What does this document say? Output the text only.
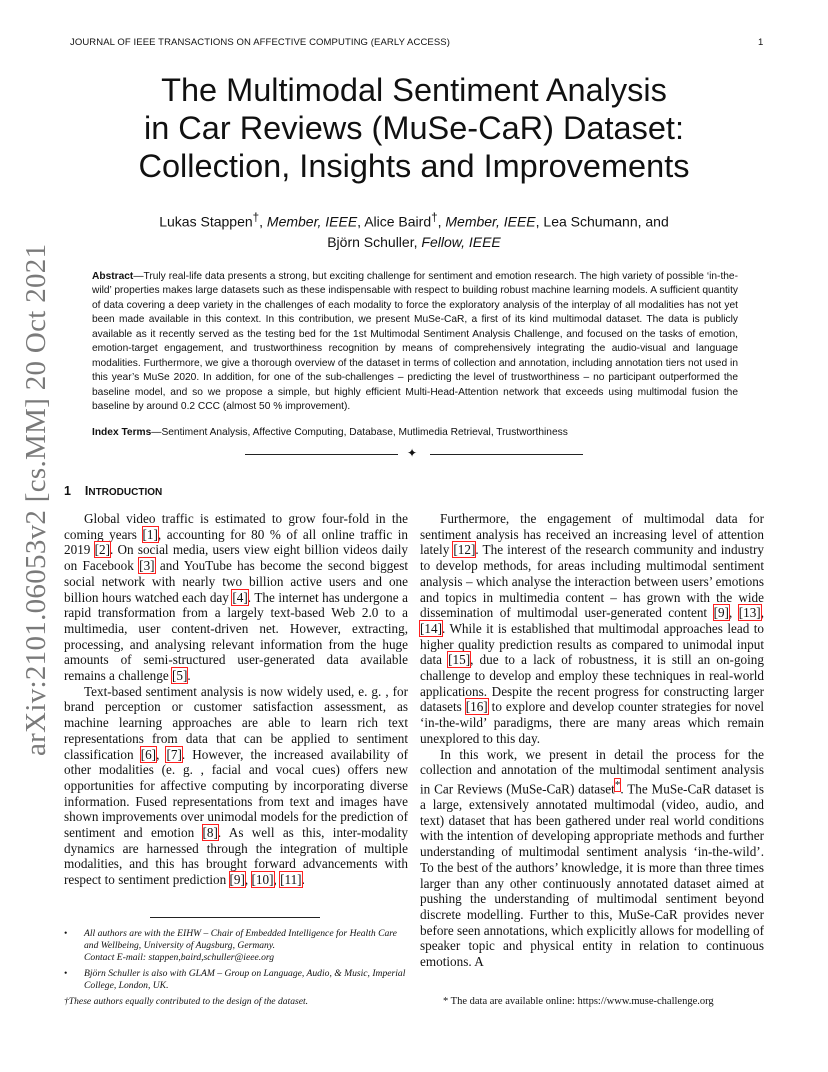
JOURNAL OF IEEE TRANSACTIONS ON AFFECTIVE COMPUTING (EARLY ACCESS)	1
arXiv:2101.06053v2 [cs.MM] 20 Oct 2021
The Multimodal Sentiment Analysis
in Car Reviews (MuSe-CaR) Dataset:
Collection, Insights and Improvements
Lukas Stappen†, Member, IEEE, Alice Baird†, Member, IEEE, Lea Schumann, and
Björn Schuller, Fellow, IEEE
Abstract—Truly real-life data presents a strong, but exciting challenge for sentiment and emotion research. The high variety of possible ‘in-the-wild’ properties makes large datasets such as these indispensable with respect to building robust machine learning models. A sufficient quantity of data covering a deep variety in the challenges of each modality to force the exploratory analysis of the interplay of all modalities has not yet been made available in this context. In this contribution, we present MuSe-CaR, a first of its kind multimodal dataset. The data is publicly available as it recently served as the testing bed for the 1st Multimodal Sentiment Analysis Challenge, and focused on the tasks of emotion, emotion-target engagement, and trustworthiness recognition by means of comprehensively integrating the audio-visual and language modalities. Furthermore, we give a thorough overview of the dataset in terms of collection and annotation, including annotation tiers not used in this year’s MuSe 2020. In addition, for one of the sub-challenges – predicting the level of trustworthiness – no participant outperformed the baseline model, and so we propose a simple, but highly efficient Multi-Head-Attention network that exceeds using multimodal fusion the baseline by around 0.2 CCC (almost 50 % improvement).
Index Terms—Sentiment Analysis, Affective Computing, Database, Mutlimedia Retrieval, Trustworthiness
✦
1 INTRODUCTION

Global video traffic is estimated to grow four-fold in the coming years [1], accounting for 80 % of all online traffic in 2019 [2]. On social media, users view eight billion videos daily on Facebook [3] and YouTube has become the second biggest social network with nearly two billion active users and one billion hours watched each day [4]. The internet has undergone a rapid transformation from a largely text-based Web 2.0 to a multimedia, user content-driven net. However, extracting, processing, and analysing relevant information from the huge amounts of semi-structured user-generated data available remains a challenge [5].

Text-based sentiment analysis is now widely used, e. g. , for brand perception or customer satisfaction assessment, as machine learning approaches are able to learn rich text representations from data that can be applied to sentiment classification [6], [7]. However, the increased availability of other modalities (e. g. , facial and vocal cues) offers new opportunities for affective computing by incorporating diverse information. Fused representations from text and images have shown improvements over unimodal models for the prediction of sentiment and emotion [8]. As well as this, inter-modality dynamics are harnessed through the integration of multiple modalities, and this has brought forward advancements with respect to sentiment prediction [9], [10], [11].

Furthermore, the engagement of multimodal data for sentiment analysis has received an increasing level of attention lately [12]. The interest of the research community and industry to develop methods, for areas including multimodal sentiment analysis – which analyse the interaction between users’ emotions and topics in multimedia content – has grown with the wide dissemination of multimodal user-generated content [9], [13], [14]. While it is established that multimodal approaches lead to higher quality prediction results as compared to unimodal input data [15], due to a lack of robustness, it is still an on-going challenge to develop and employ these techniques in real-world applications. Despite the recent progress for constructing larger datasets [16] to explore and develop counter strategies for novel ‘in-the-wild’ paradigms, there are many areas which remain unexplored to this day.

In this work, we present in detail the process for the collection and annotation of the multimodal sentiment analysis in Car Reviews (MuSe-CaR) dataset*. The MuSe-CaR dataset is a large, extensively annotated multimodal (video, audio, and text) dataset that has been gathered under real world conditions with the intention of developing appropriate methods and further understanding of multimodal sentiment analysis ‘in-the-wild’. To the best of the authors’ knowledge, it is more than three times larger than any other continuously annotated dataset aimed at pushing the understanding of multimodal sentiment beyond discrete modelling. Further to this, MuSe-CaR provides never before seen annotations, which explicitly allows for modelling of speaker topic and physical entity in relation to continuous emotions. A

• All authors are with the EIHW – Chair of Embedded Intelligence for Health Care and Wellbeing, University of Augsburg, Germany.
Contact E-mail: stappen,baird,schuller@ieee.org
• Björn Schuller is also with GLAM – Group on Language, Audio, & Music, Imperial College, London, UK.
†These authors equally contributed to the design of the dataset.	* The data are available online: https://www.muse-challenge.org
